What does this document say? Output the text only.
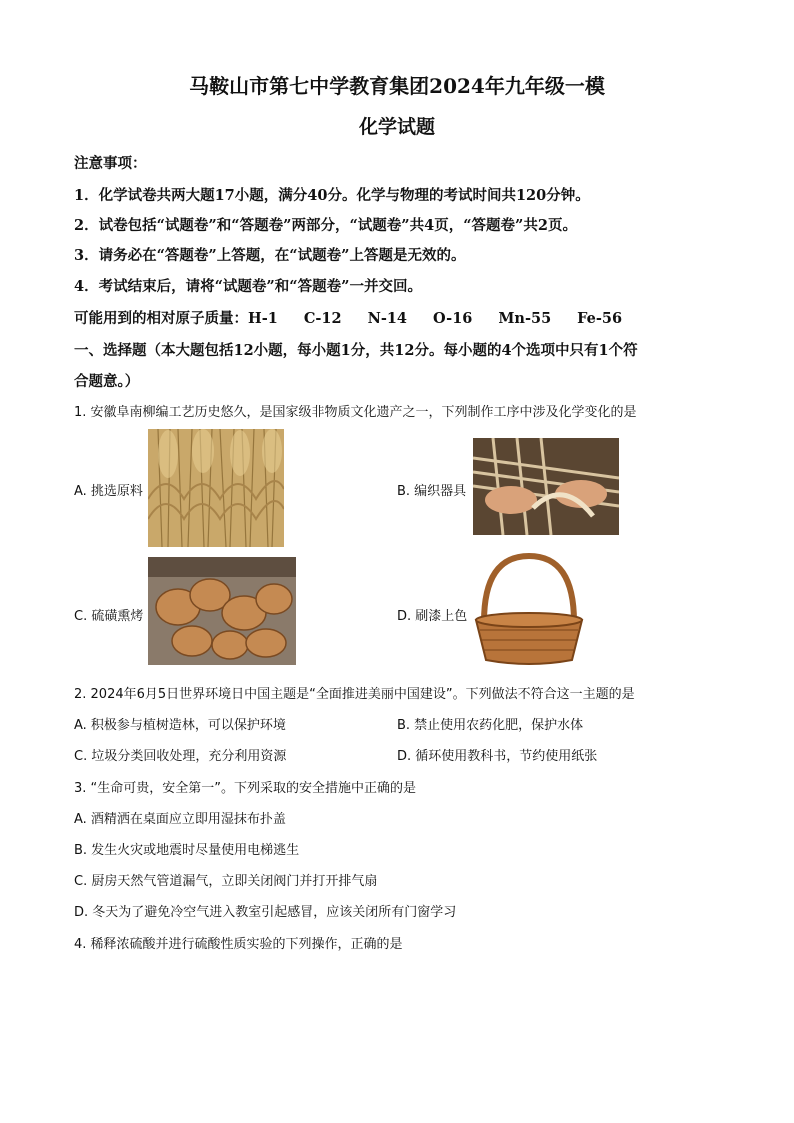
马鞍山市第七中学教育集团2024年九年级一模
化学试题
注意事项：
1．化学试卷共两大题17小题，满分40分。化学与物理的考试时间共120分钟。
2．试卷包括“试题卷”和“答题卷”两部分，“试题卷”共4页，“答题卷”共2页。
3．请务必在“答题卷”上答题，在“试题卷”上答题是无效的。
4．考试结束后，请将“试题卷”和“答题卷”一并交回。
可能用到的相对原子质量：H-1 C-12 N-14 O-16 Mn-55 Fe-56
一、选择题（本大题包括12小题，每小题1分，共12分。每小题的4个选项中只有1个符
合题意。）
1. 安徽阜南柳编工艺历史悠久，是国家级非物质文化遗产之一，下列制作工序中涉及化学变化的是
A. 挑选原料	B. 编织器具
C. 硫磺熏烤	D. 刷漆上色
2. 2024年6月5日世界环境日中国主题是“全面推进美丽中国建设”。下列做法不符合这一主题的是
A. 积极参与植树造林，可以保护环境	B. 禁止使用农药化肥，保护水体
C. 垃圾分类回收处理，充分利用资源	D. 循环使用教科书，节约使用纸张
3. “生命可贵，安全第一”。下列采取的安全措施中正确的是
A. 酒精洒在桌面应立即用湿抹布扑盖
B. 发生火灾或地震时尽量使用电梯逃生
C. 厨房天然气管道漏气，立即关闭阀门并打开排气扇
D. 冬天为了避免冷空气进入教室引起感冒，应该关闭所有门窗学习
4. 稀释浓硫酸并进行硫酸性质实验的下列操作，正确的是
